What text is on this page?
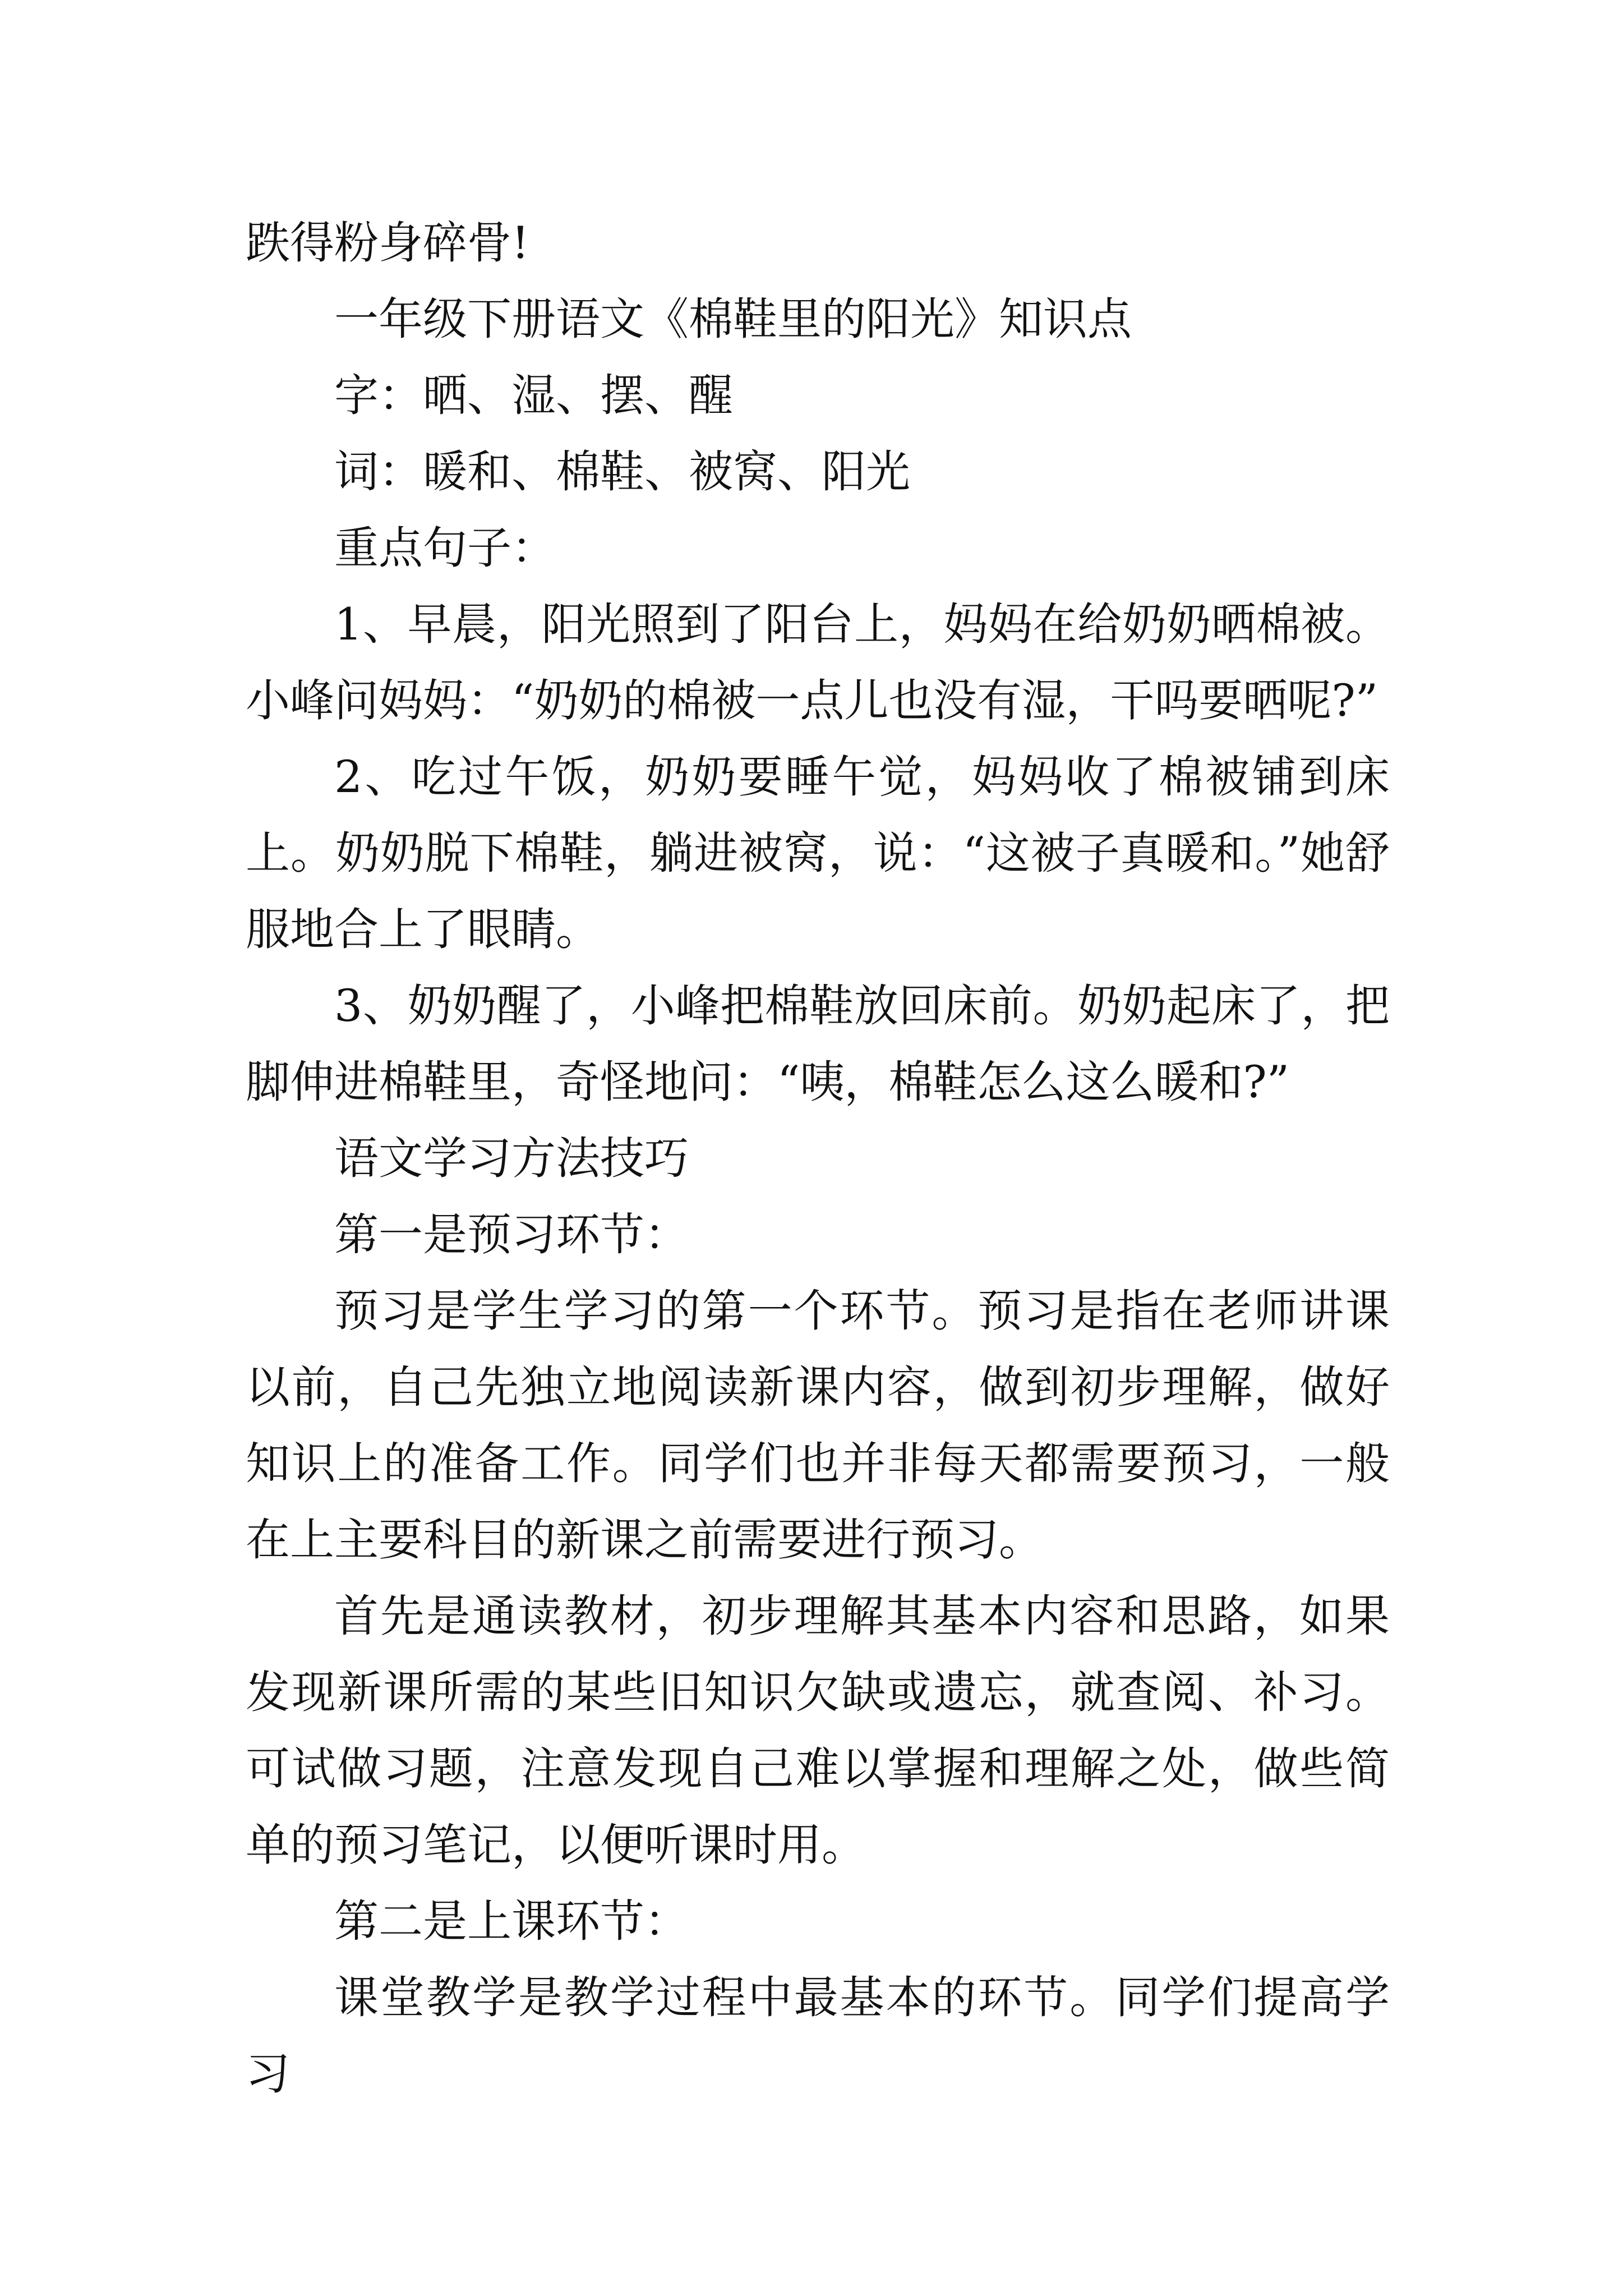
跌得粉身碎骨!

一年级下册语文《棉鞋里的阳光》知识点

字：晒、湿、摆、醒

词：暖和、棉鞋、被窝、阳光

重点句子：

1、早晨，阳光照到了阳台上，妈妈在给奶奶晒棉被。小峰问妈妈：“奶奶的棉被一点儿也没有湿，干吗要晒呢?”

2、吃过午饭，奶奶要睡午觉，妈妈收了棉被铺到床上。奶奶脱下棉鞋，躺进被窝，说：“这被子真暖和。”她舒服地合上了眼睛。

3、奶奶醒了，小峰把棉鞋放回床前。奶奶起床了，把脚伸进棉鞋里，奇怪地问：“咦，棉鞋怎么这么暖和?”

语文学习方法技巧

第一是预习环节：

预习是学生学习的第一个环节。预习是指在老师讲课以前，自己先独立地阅读新课内容，做到初步理解，做好知识上的准备工作。同学们也并非每天都需要预习，一般在上主要科目的新课之前需要进行预习。

首先是通读教材，初步理解其基本内容和思路，如果发现新课所需的某些旧知识欠缺或遗忘，就查阅、补习。可试做习题，注意发现自己难以掌握和理解之处，做些简单的预习笔记，以便听课时用。

第二是上课环节：

课堂教学是教学过程中最基本的环节。同学们提高学习
